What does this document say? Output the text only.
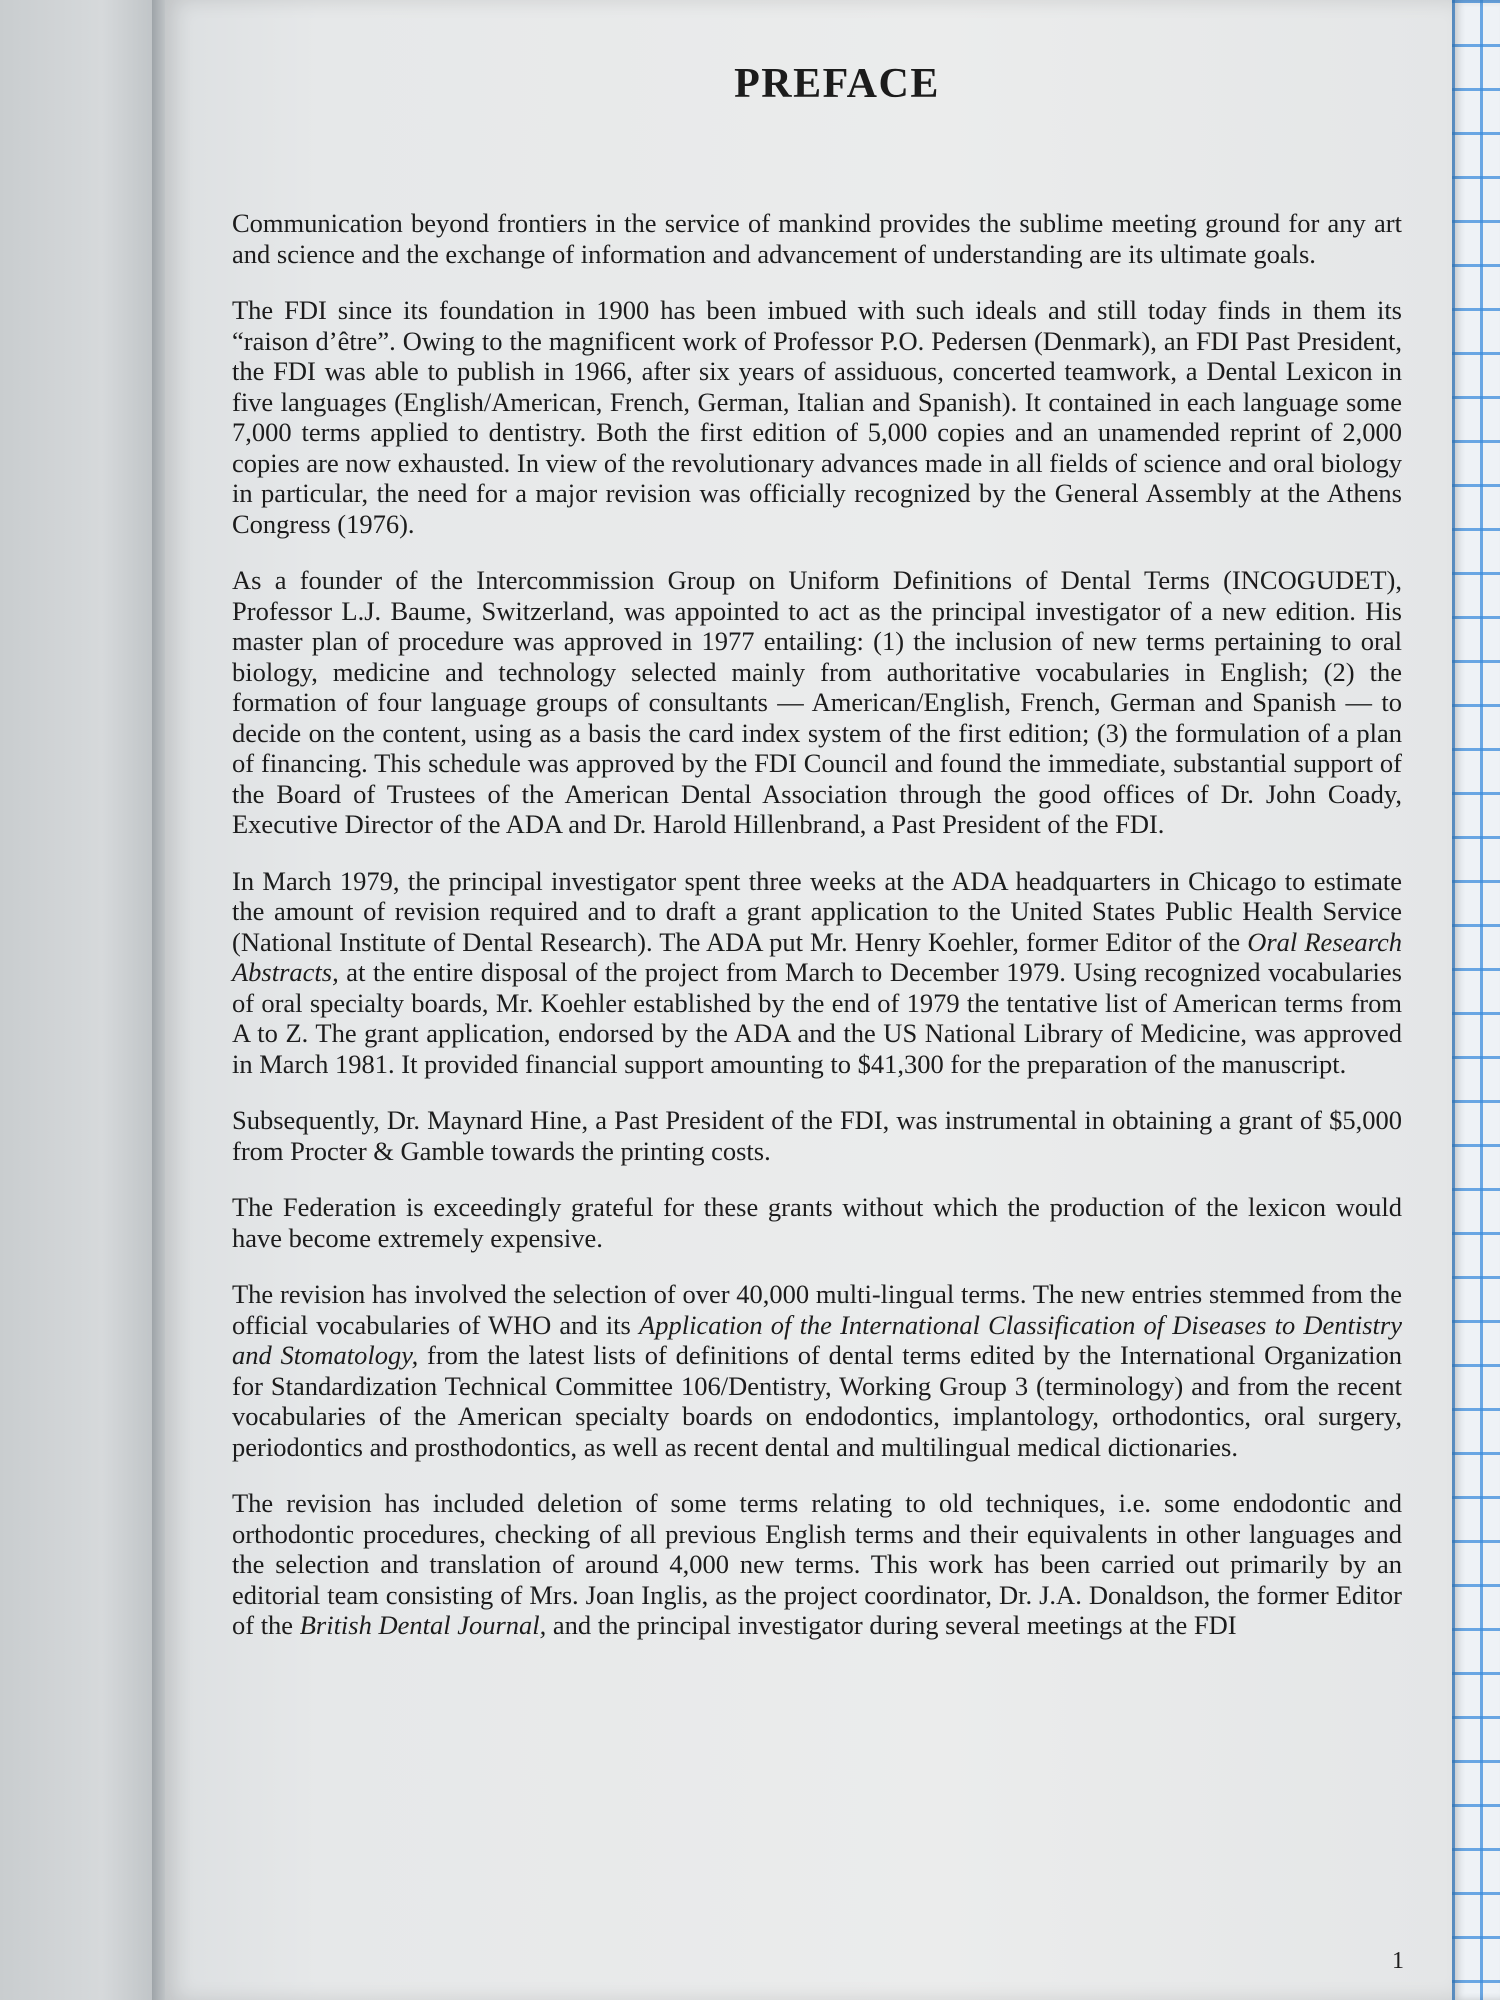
PREFACE

Communication beyond frontiers in the service of mankind provides the sublime meeting ground for any art and science and the exchange of information and advancement of understanding are its ultimate goals.

The FDI since its foundation in 1900 has been imbued with such ideals and still today finds in them its “raison d’être”. Owing to the magnificent work of Professor P.O. Pedersen (Denmark), an FDI Past President, the FDI was able to publish in 1966, after six years of assiduous, concerted teamwork, a Dental Lexicon in five languages (English/American, French, German, Italian and Spanish). It contained in each language some 7,000 terms applied to dentistry. Both the first edition of 5,000 copies and an unamended reprint of 2,000 copies are now exhausted. In view of the revolutionary advances made in all fields of science and oral biology in particular, the need for a major revision was officially recognized by the General Assembly at the Athens Congress (1976).

As a founder of the Intercommission Group on Uniform Definitions of Dental Terms (INCOGUDET), Professor L.J. Baume, Switzerland, was appointed to act as the principal investigator of a new edition. His master plan of procedure was approved in 1977 entailing: (1) the inclusion of new terms pertaining to oral biology, medicine and technology selected mainly from authoritative vocabularies in English; (2) the formation of four language groups of consultants — American/English, French, German and Spanish — to decide on the content, using as a basis the card index system of the first edition; (3) the formulation of a plan of financing. This schedule was approved by the FDI Council and found the immediate, substantial support of the Board of Trustees of the American Dental Association through the good offices of Dr. John Coady, Executive Director of the ADA and Dr. Harold Hillenbrand, a Past President of the FDI.

In March 1979, the principal investigator spent three weeks at the ADA headquarters in Chicago to estimate the amount of revision required and to draft a grant application to the United States Public Health Service (National Institute of Dental Research). The ADA put Mr. Henry Koehler, former Editor of the Oral Research Abstracts, at the entire disposal of the project from March to December 1979. Using recognized vocabularies of oral specialty boards, Mr. Koehler established by the end of 1979 the tentative list of American terms from A to Z. The grant application, endorsed by the ADA and the US National Library of Medicine, was approved in March 1981. It provided financial support amounting to $41,300 for the preparation of the manuscript.

Subsequently, Dr. Maynard Hine, a Past President of the FDI, was instrumental in obtaining a grant of $5,000 from Procter & Gamble towards the printing costs.

The Federation is exceedingly grateful for these grants without which the production of the lexicon would have become extremely expensive.

The revision has involved the selection of over 40,000 multi-lingual terms. The new entries stemmed from the official vocabularies of WHO and its Application of the International Classification of Diseases to Dentistry and Stomatology, from the latest lists of definitions of dental terms edited by the International Organization for Standardization Technical Committee 106/Dentistry, Working Group 3 (terminology) and from the recent vocabularies of the American specialty boards on endodontics, implantology, orthodontics, oral surgery, periodontics and prosthodontics, as well as recent dental and multilingual medical dictionaries.

The revision has included deletion of some terms relating to old techniques, i.e. some endodontic and orthodontic procedures, checking of all previous English terms and their equivalents in other languages and the selection and translation of around 4,000 new terms. This work has been carried out primarily by an editorial team consisting of Mrs. Joan Inglis, as the project coordinator, Dr. J.A. Donaldson, the former Editor of the British Dental Journal, and the principal investigator during several meetings at the FDI

1
